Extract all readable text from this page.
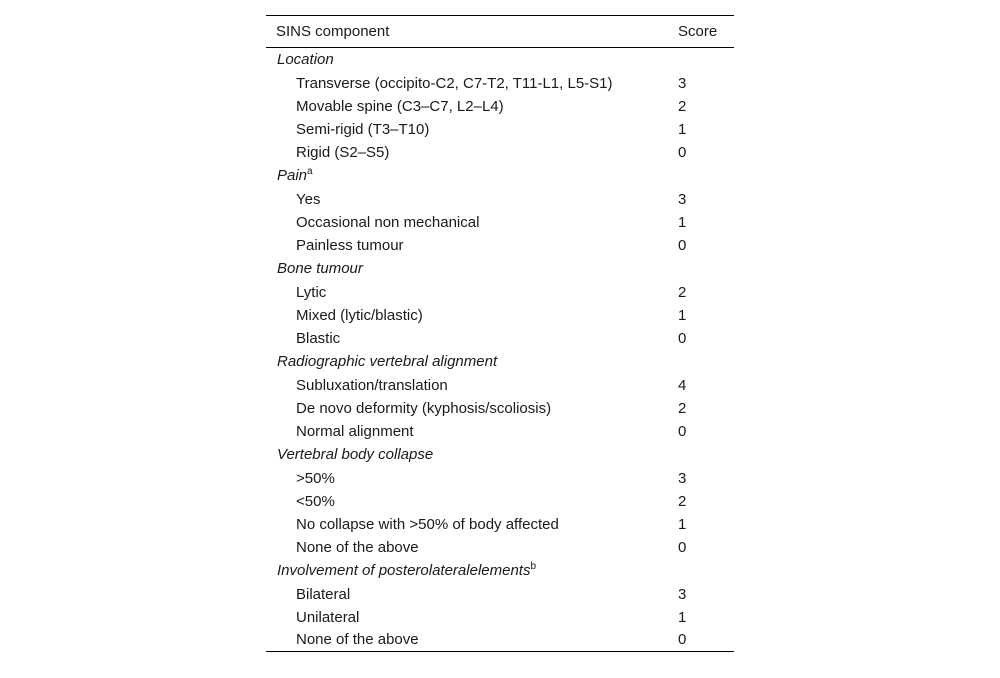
SINS component	Score
Location	
Transverse (occipito-C2, C7-T2, T11-L1, L5-S1)	3
Movable spine (C3–C7, L2–L4)	2
Semi-rigid (T3–T10)	1
Rigid (S2–S5)	0
Pain$^a$
Yes	3
Occasional non mechanical	1
Painless tumour	0
Bone tumour	
Lytic	2
Mixed (lytic/blastic)	1
Blastic	0
Radiographic vertebral alignment	
Subluxation/translation	4
De novo deformity (kyphosis/scoliosis)	2
Normal alignment	0
Vertebral body collapse	
>50%	3
<50%	2
No collapse with >50% of body affected	1
None of the above	0
Involvement of posterolateralelements$^b$
Bilateral	3
Unilateral	1
None of the above	0
